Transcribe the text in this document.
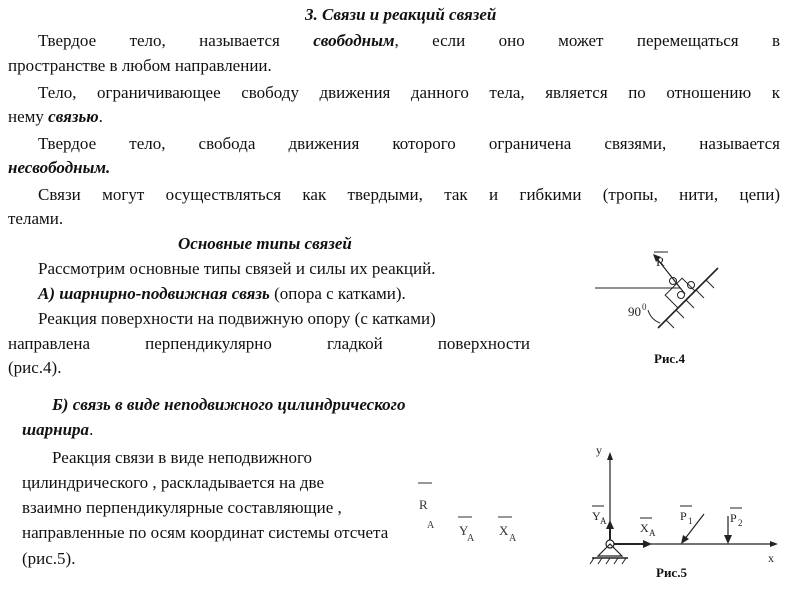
3. Связи и реакций связей
Твердое тело, называется свободным, если оно может перемещаться в
пространстве в любом направлении.
Тело, ограничивающее свободу движения данного тела, является по отношению к
нему связью.
Твердое тело, свобода движения которого ограничена связями, называется
несвободным.
Связи могут осуществляться как твердыми, так и гибкими (тропы, нити, цепи)
телами.
Основные типы связей
Рассмотрим основные типы связей и силы их реакций.
А) шарнирно-подвижная связь (опора с катками).
Реакция поверхности на подвижную опору (с катками)
направлена перпендикулярно гладкой поверхности
(рис.4).
Б) связь в виде неподвижного цилиндрического
шарнира.
Реакция связи в виде неподвижного
цилиндрического , раскладывается на две
взаимно перпендикулярные составляющие ,
направленные по осям координат системы отсчета
(рис.5).
R
A Y
A
X
A
R
90 0
Рис.4
y
x
Y A	X A
P 1	P 2
Рис.5
